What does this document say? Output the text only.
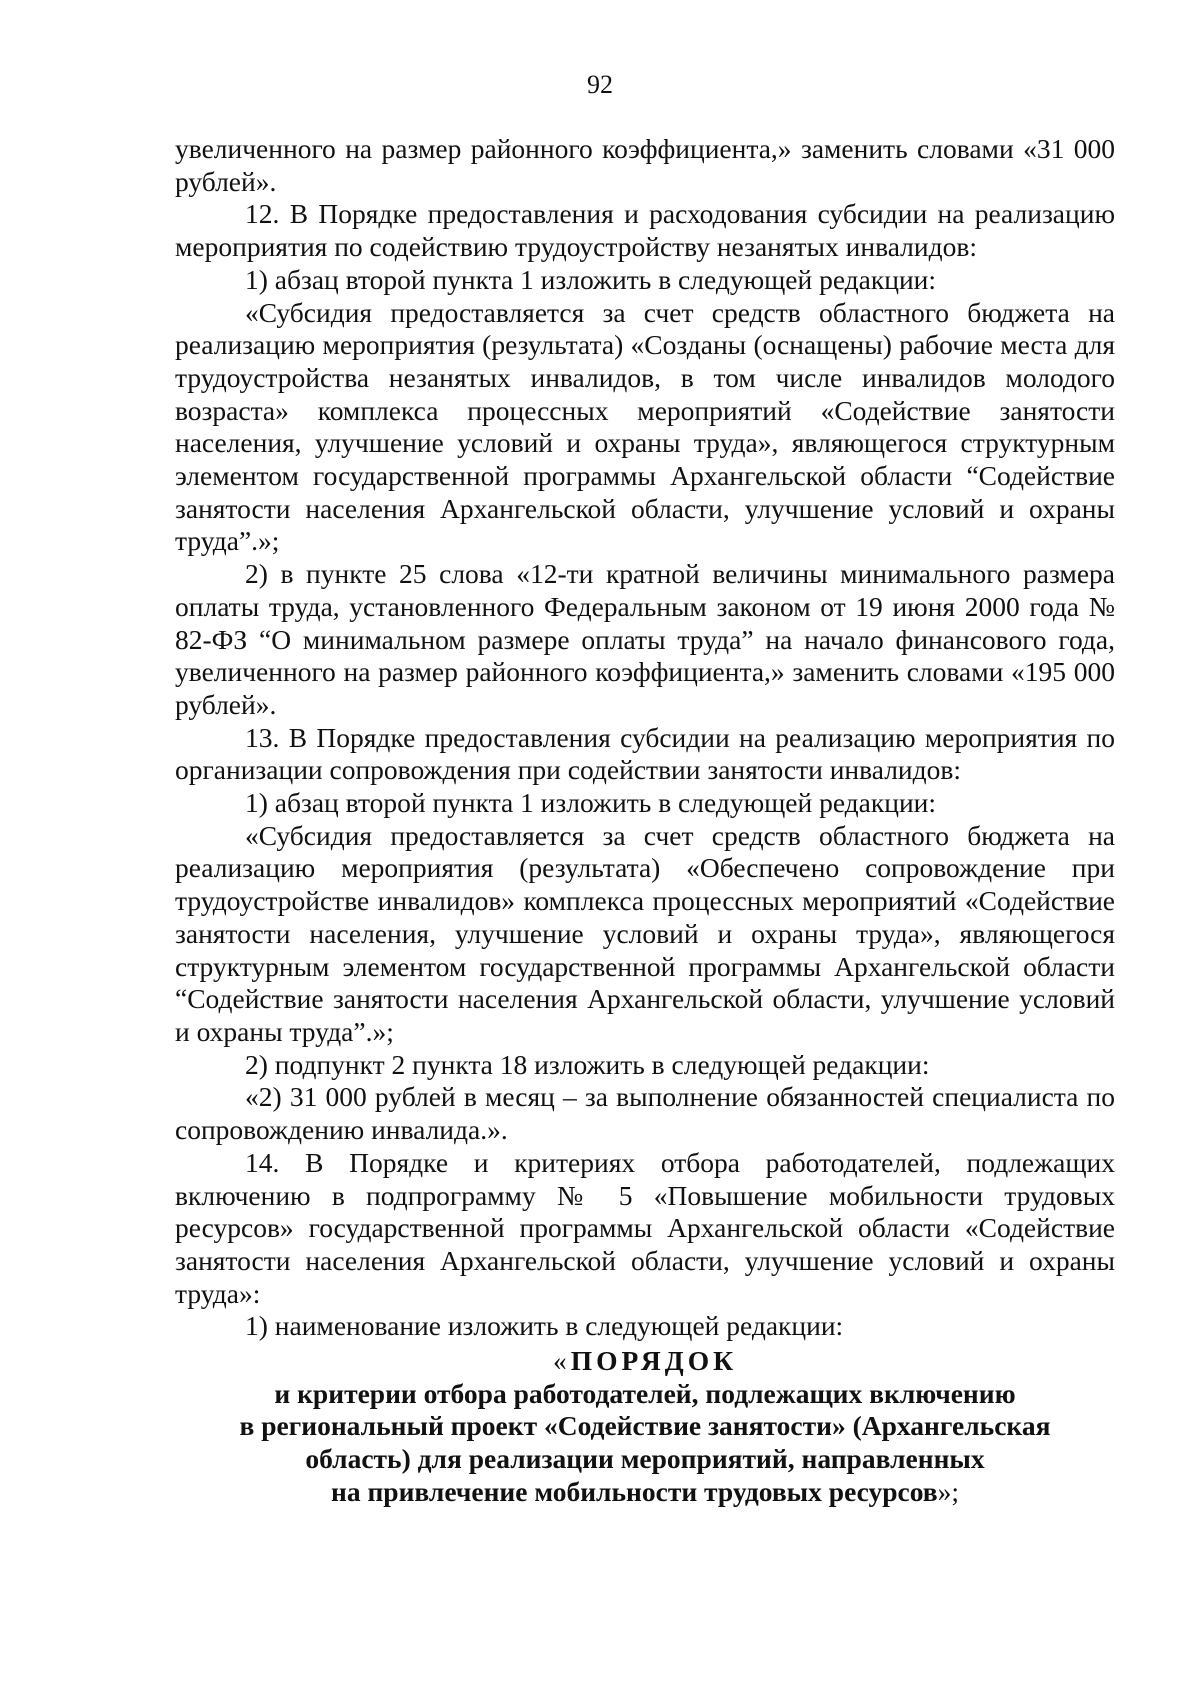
92

увеличенного на размер районного коэффициента,» заменить словами «31 000 рублей».

12. В Порядке предоставления и расходования субсидии на реализацию мероприятия по содействию трудоустройству незанятых инвалидов:

1) абзац второй пункта 1 изложить в следующей редакции:

«Субсидия предоставляется за счет средств областного бюджета на реализацию мероприятия (результата) «Созданы (оснащены) рабочие места для трудоустройства незанятых инвалидов, в том числе инвалидов молодого возраста» комплекса процессных мероприятий «Содействие занятости населения, улучшение условий и охраны труда», являющегося структурным элементом государственной программы Архангельской области “Содействие занятости населения Архангельской области, улучшение условий и охраны труда”.»;

2) в пункте 25 слова «12-ти кратной величины минимального размера оплаты труда, установленного Федеральным законом от 19 июня 2000 года № 82-ФЗ “О минимальном размере оплаты труда” на начало финансового года, увеличенного на размер районного коэффициента,» заменить словами «195 000 рублей».

13. В Порядке предоставления субсидии на реализацию мероприятия по организации сопровождения при содействии занятости инвалидов:

1) абзац второй пункта 1 изложить в следующей редакции:

«Субсидия предоставляется за счет средств областного бюджета на реализацию мероприятия (результата) «Обеспечено сопровождение при трудоустройстве инвалидов» комплекса процессных мероприятий «Содействие занятости населения, улучшение условий и охраны труда», являющегося структурным элементом государственной программы Архангельской области “Содействие занятости населения Архангельской области, улучшение условий и охраны труда”.»;

2) подпункт 2 пункта 18 изложить в следующей редакции:

«2) 31 000 рублей в месяц – за выполнение обязанностей специалиста по сопровождению инвалида.».

14. В Порядке и критериях отбора работодателей, подлежащих включению в подпрограмму № 5 «Повышение мобильности трудовых ресурсов» государственной программы Архангельской области «Содействие занятости населения Архангельской области, улучшение условий и охраны труда»:

1) наименование изложить в следующей редакции:

«ПОРЯДОК
и критерии отбора работодателей, подлежащих включению
в региональный проект «Содействие занятости» (Архангельская
область) для реализации мероприятий, направленных
на привлечение мобильности трудовых ресурсов»;
